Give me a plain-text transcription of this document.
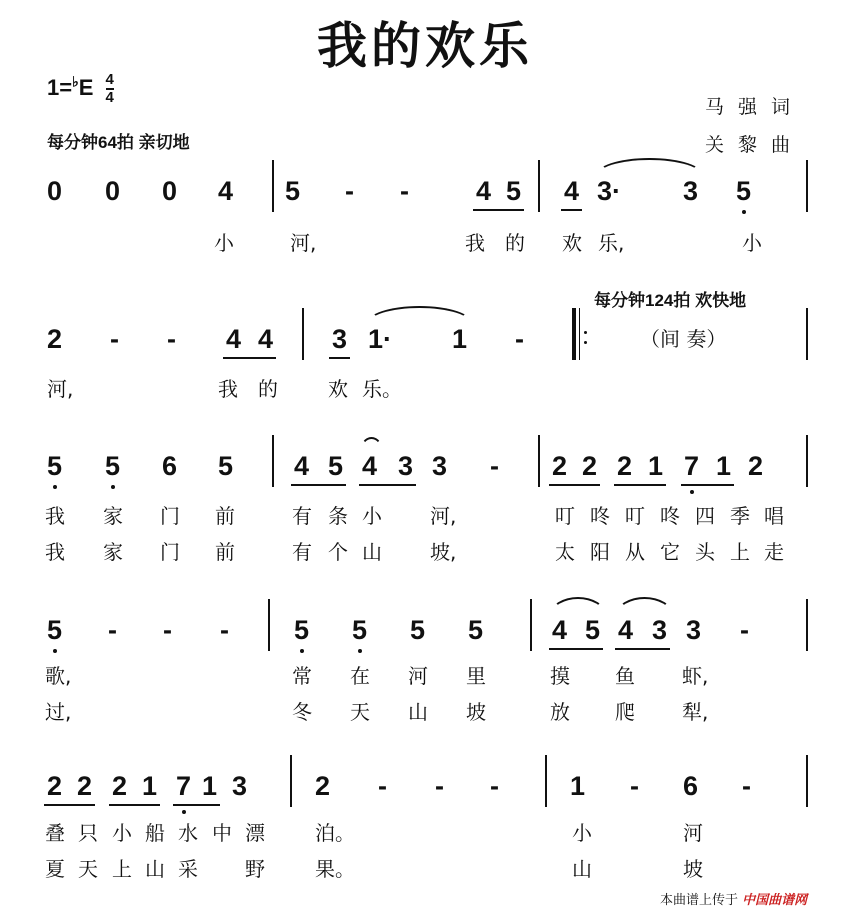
我的欢乐
$1=^♭E \frac{4}{4}$
每分钟64拍 亲切地
马强词
关黎曲
每分钟124拍 欢快地
（间 奏）
本曲谱上传于 中国曲谱网
0 0 0 4 5 - - 4 5 4 3· 3 5
小	河,	我 的 欢 乐,	小
2 - - 4 4 3 1· 1 -
河,	我 的	欢 乐。
5 5 6 5 4 5 4 3 3 - 2 2 2 1 7 1 2
我 家 门 前	有 条 小 河,	叮 咚 叮 咚 四 季 唱
我 家 门 前	有 个 山 坡,	太 阳 从 它 头 上 走
5 - - - 5 5 5 5	4 5 4 3 3 -
歌,	常 在 河 里	摸 鱼 虾,
过,	冬 天 山 坡	放 爬 犁,
2 2 2 1 7 1 3	2 - - -	1 - 6 -
叠 只 小 船 水 中 漂	泊。	小	河
夏 天 上 山 采 野	果。	山	坡
